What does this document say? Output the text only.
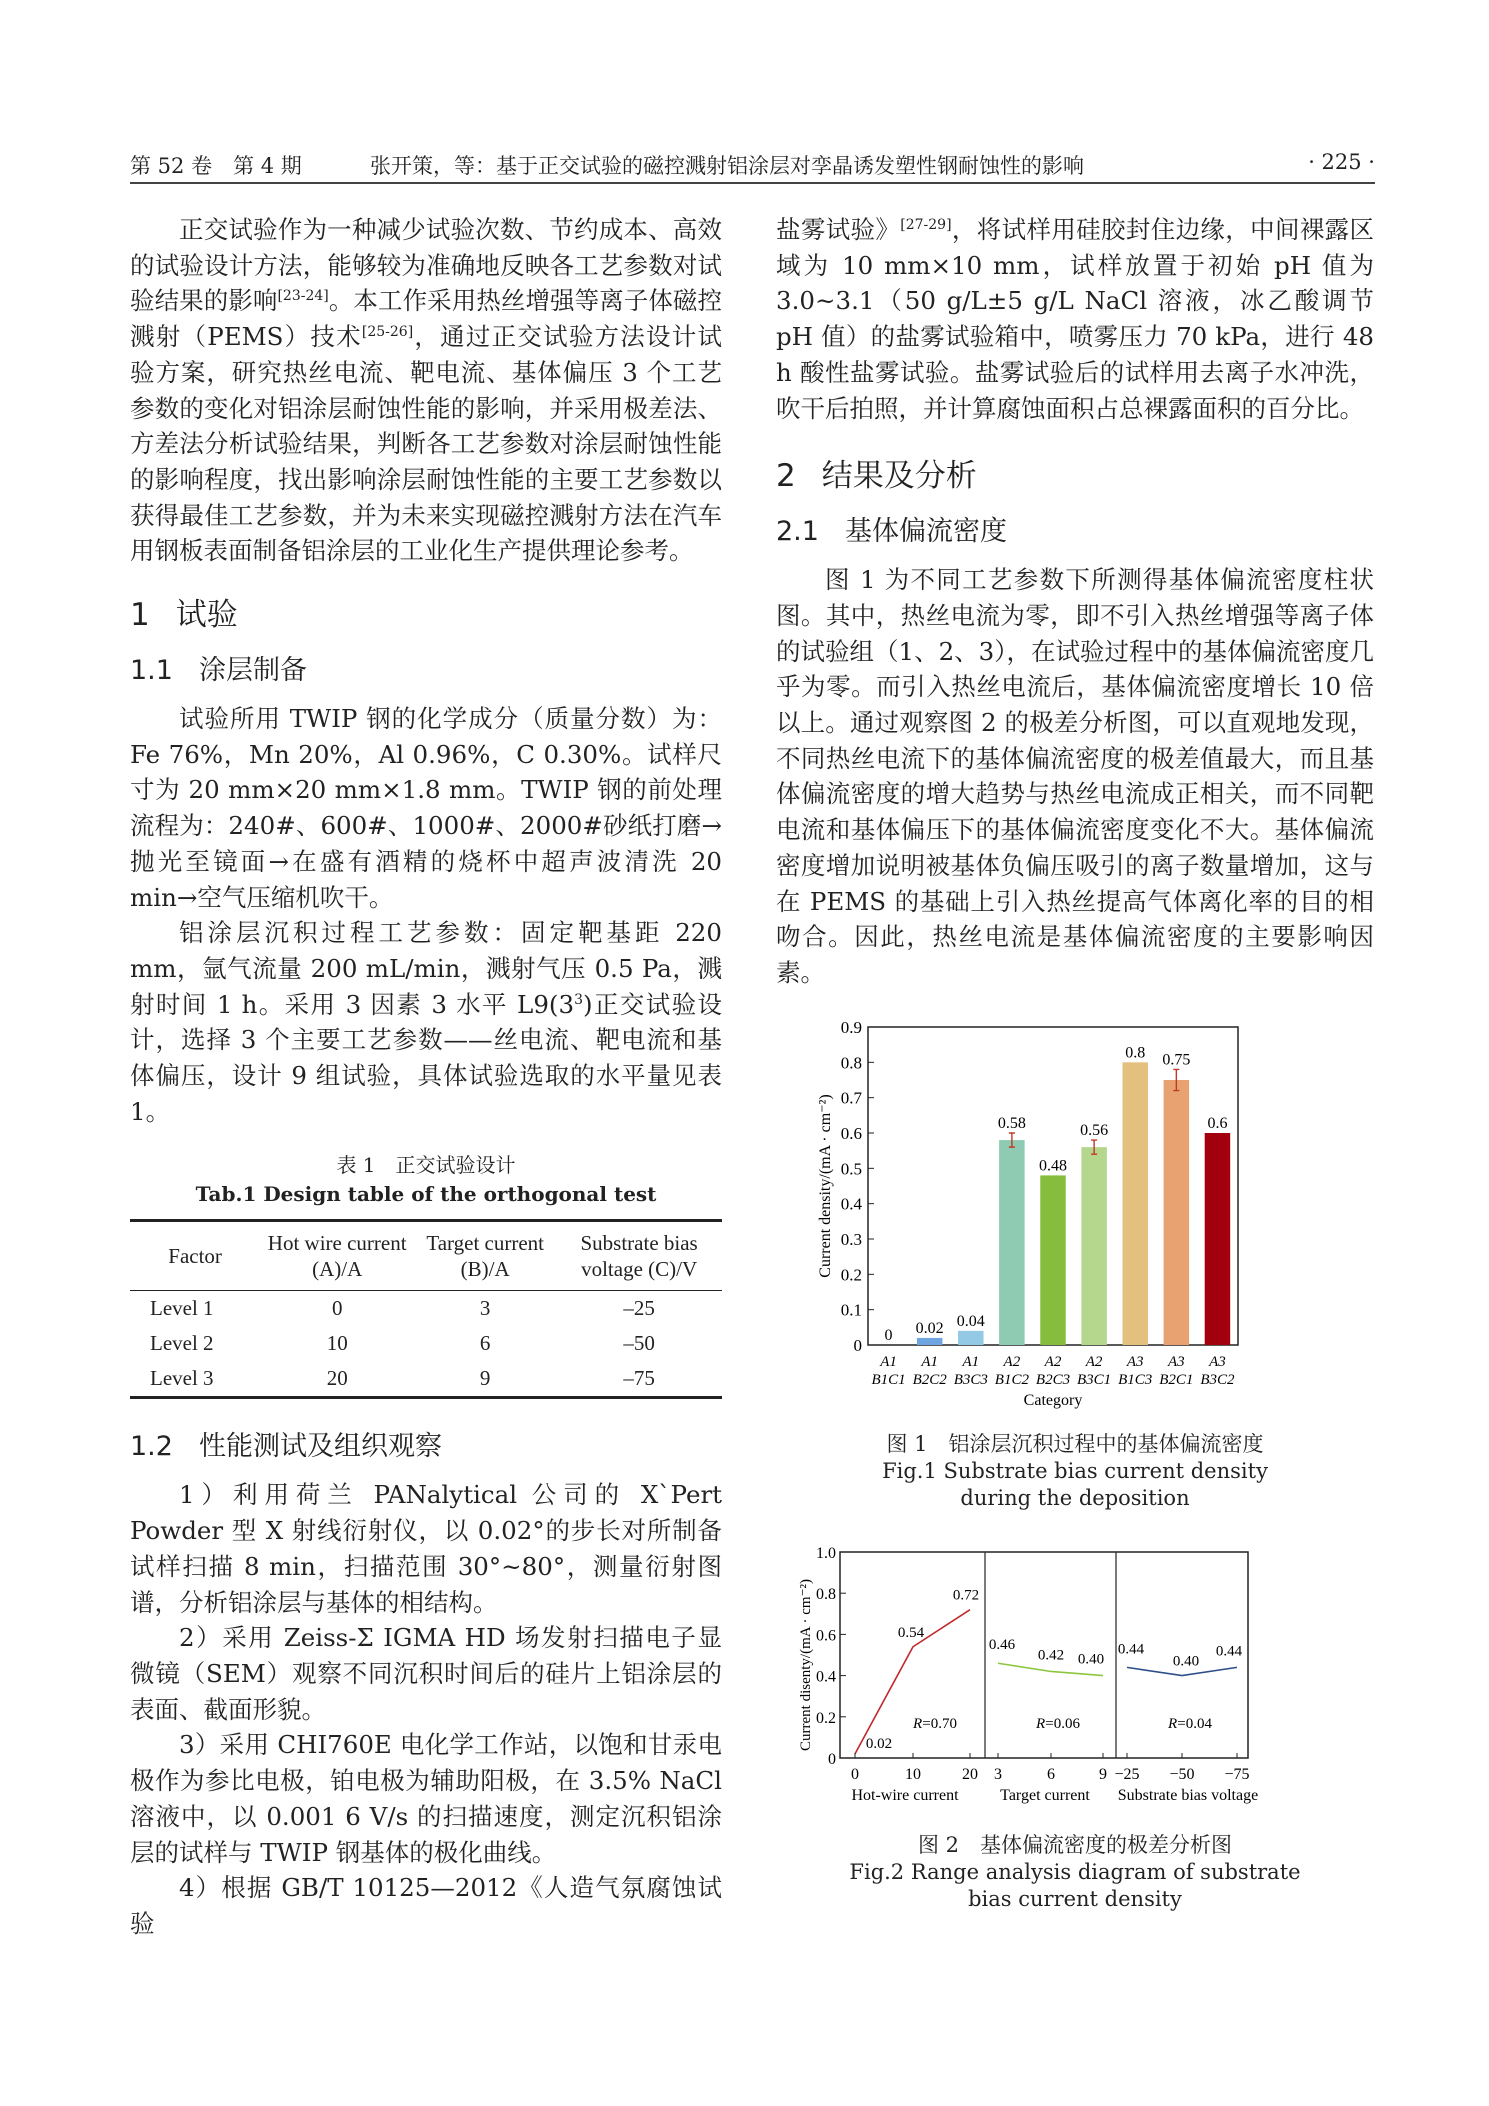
第 52 卷　第 4 期	张开策，等：基于正交试验的磁控溅射铝涂层对孪晶诱发塑性钢耐蚀性的影响	· 225 ·

正交试验作为一种减少试验次数、节约成本、高效的试验设计方法，能够较为准确地反映各工艺参数对试验结果的影响[23-24]。本工作采用热丝增强等离子体磁控溅射（PEMS）技术[25-26]，通过正交试验方法设计试验方案，研究热丝电流、靶电流、基体偏压 3 个工艺参数的变化对铝涂层耐蚀性能的影响，并采用极差法、方差法分析试验结果，判断各工艺参数对涂层耐蚀性能的影响程度，找出影响涂层耐蚀性能的主要工艺参数以获得最佳工艺参数，并为未来实现磁控溅射方法在汽车用钢板表面制备铝涂层的工业化生产提供理论参考。

1 试验
1.1 涂层制备

试验所用 TWIP 钢的化学成分（质量分数）为：Fe 76%，Mn 20%，Al 0.96%，C 0.30%。试样尺寸为 20 mm×20 mm×1.8 mm。TWIP 钢的前处理流程为：240#、600#、1000#、2000#砂纸打磨→抛光至镜面→在盛有酒精的烧杯中超声波清洗 20 min→空气压缩机吹干。

铝涂层沉积过程工艺参数：固定靶基距 220 mm，氩气流量 200 mL/min，溅射气压 0.5 Pa，溅射时间 1 h。采用 3 因素 3 水平 $L9(3^3)$正交试验设计，选择 3 个主要工艺参数——丝电流、靶电流和基体偏压，设计 9 组试验，具体试验选取的水平量见表 1。

表 1　正交试验设计
Tab.1 Design table of the orthogonal test
Factor	Hot wire current (A)/A	Target current (B)/A	Substrate bias voltage (C)/V
Level 1	0	3	–25
Level 2	10	6	–50
Level 3	20	9	–75
1.2 性能测试及组织观察

1）利用荷兰 PANalytical 公司的 X`Pert Powder 型 X 射线衍射仪，以 0.02°的步长对所制备试样扫描 8 min，扫描范围 30°~80°，测量衍射图谱，分析铝涂层与基体的相结构。

2）采用 Zeiss-Σ IGMA HD 场发射扫描电子显微镜（SEM）观察不同沉积时间后的硅片上铝涂层的表面、截面形貌。

3）采用 CHI760E 电化学工作站，以饱和甘汞电极作为参比电极，铂电极为辅助阳极，在 3.5% NaCl 溶液中，以 0.001 6 V/s 的扫描速度，测定沉积铝涂层的试样与 TWIP 钢基体的极化曲线。

4）根据 GB/T 10125—2012《人造气氛腐蚀试验

盐雾试验》[27-29]，将试样用硅胶封住边缘，中间裸露区域为 10 mm×10 mm，试样放置于初始 pH 值为 3.0~3.1（50 g/L±5 g/L NaCl 溶液，冰乙酸调节 pH 值）的盐雾试验箱中，喷雾压力 70 kPa，进行 48 h 酸性盐雾试验。盐雾试验后的试样用去离子水冲洗，吹干后拍照，并计算腐蚀面积占总裸露面积的百分比。

2 结果及分析
2.1 基体偏流密度

图 1 为不同工艺参数下所测得基体偏流密度柱状图。其中，热丝电流为零，即不引入热丝增强等离子体的试验组（1、2、3），在试验过程中的基体偏流密度几乎为零。而引入热丝电流后，基体偏流密度增长 10 倍以上。通过观察图 2 的极差分析图，可以直观地发现，不同热丝电流下的基体偏流密度的极差值最大，而且基体偏流密度的增大趋势与热丝电流成正相关，而不同靶电流和基体偏压下的基体偏流密度变化不大。基体偏流密度增加说明被基体负偏压吸引的离子数量增加，这与在 PEMS 的基础上引入热丝提高气体离化率的目的相吻合。因此，热丝电流是基体偏流密度的主要影响因素。

0
0.1
0.2
0.3
0.4
0.5
0.6
0.7
0.8
0.9
0
A1
B1C1
0.02
A1
B2C2
0.04
A1
B3C3
0.58
A2
B1C2
0.48
A2
B2C3
0.56
A2
B3C1
0.8
A3
B1C3
0.75
A3
B2C1
0.6
A3
B3C2
Category
Current density/(mA · cm⁻²)
图 1　铝涂层沉积过程中的基体偏流密度
Fig.1 Substrate bias current density
during the deposition
0
0.2
0.4
0.6
0.8
1.0
0
0.02
10
0.54
20
0.72
R=0.70
Hot-wire current
3
0.46
6
0.42
9
0.40
R=0.06
Target current
−25
0.44
−50
0.40
−75
0.44
R=0.04
Substrate bias voltage
Current disenty/(mA · cm⁻²)
图 2　基体偏流密度的极差分析图
Fig.2 Range analysis diagram of substrate
bias current density
